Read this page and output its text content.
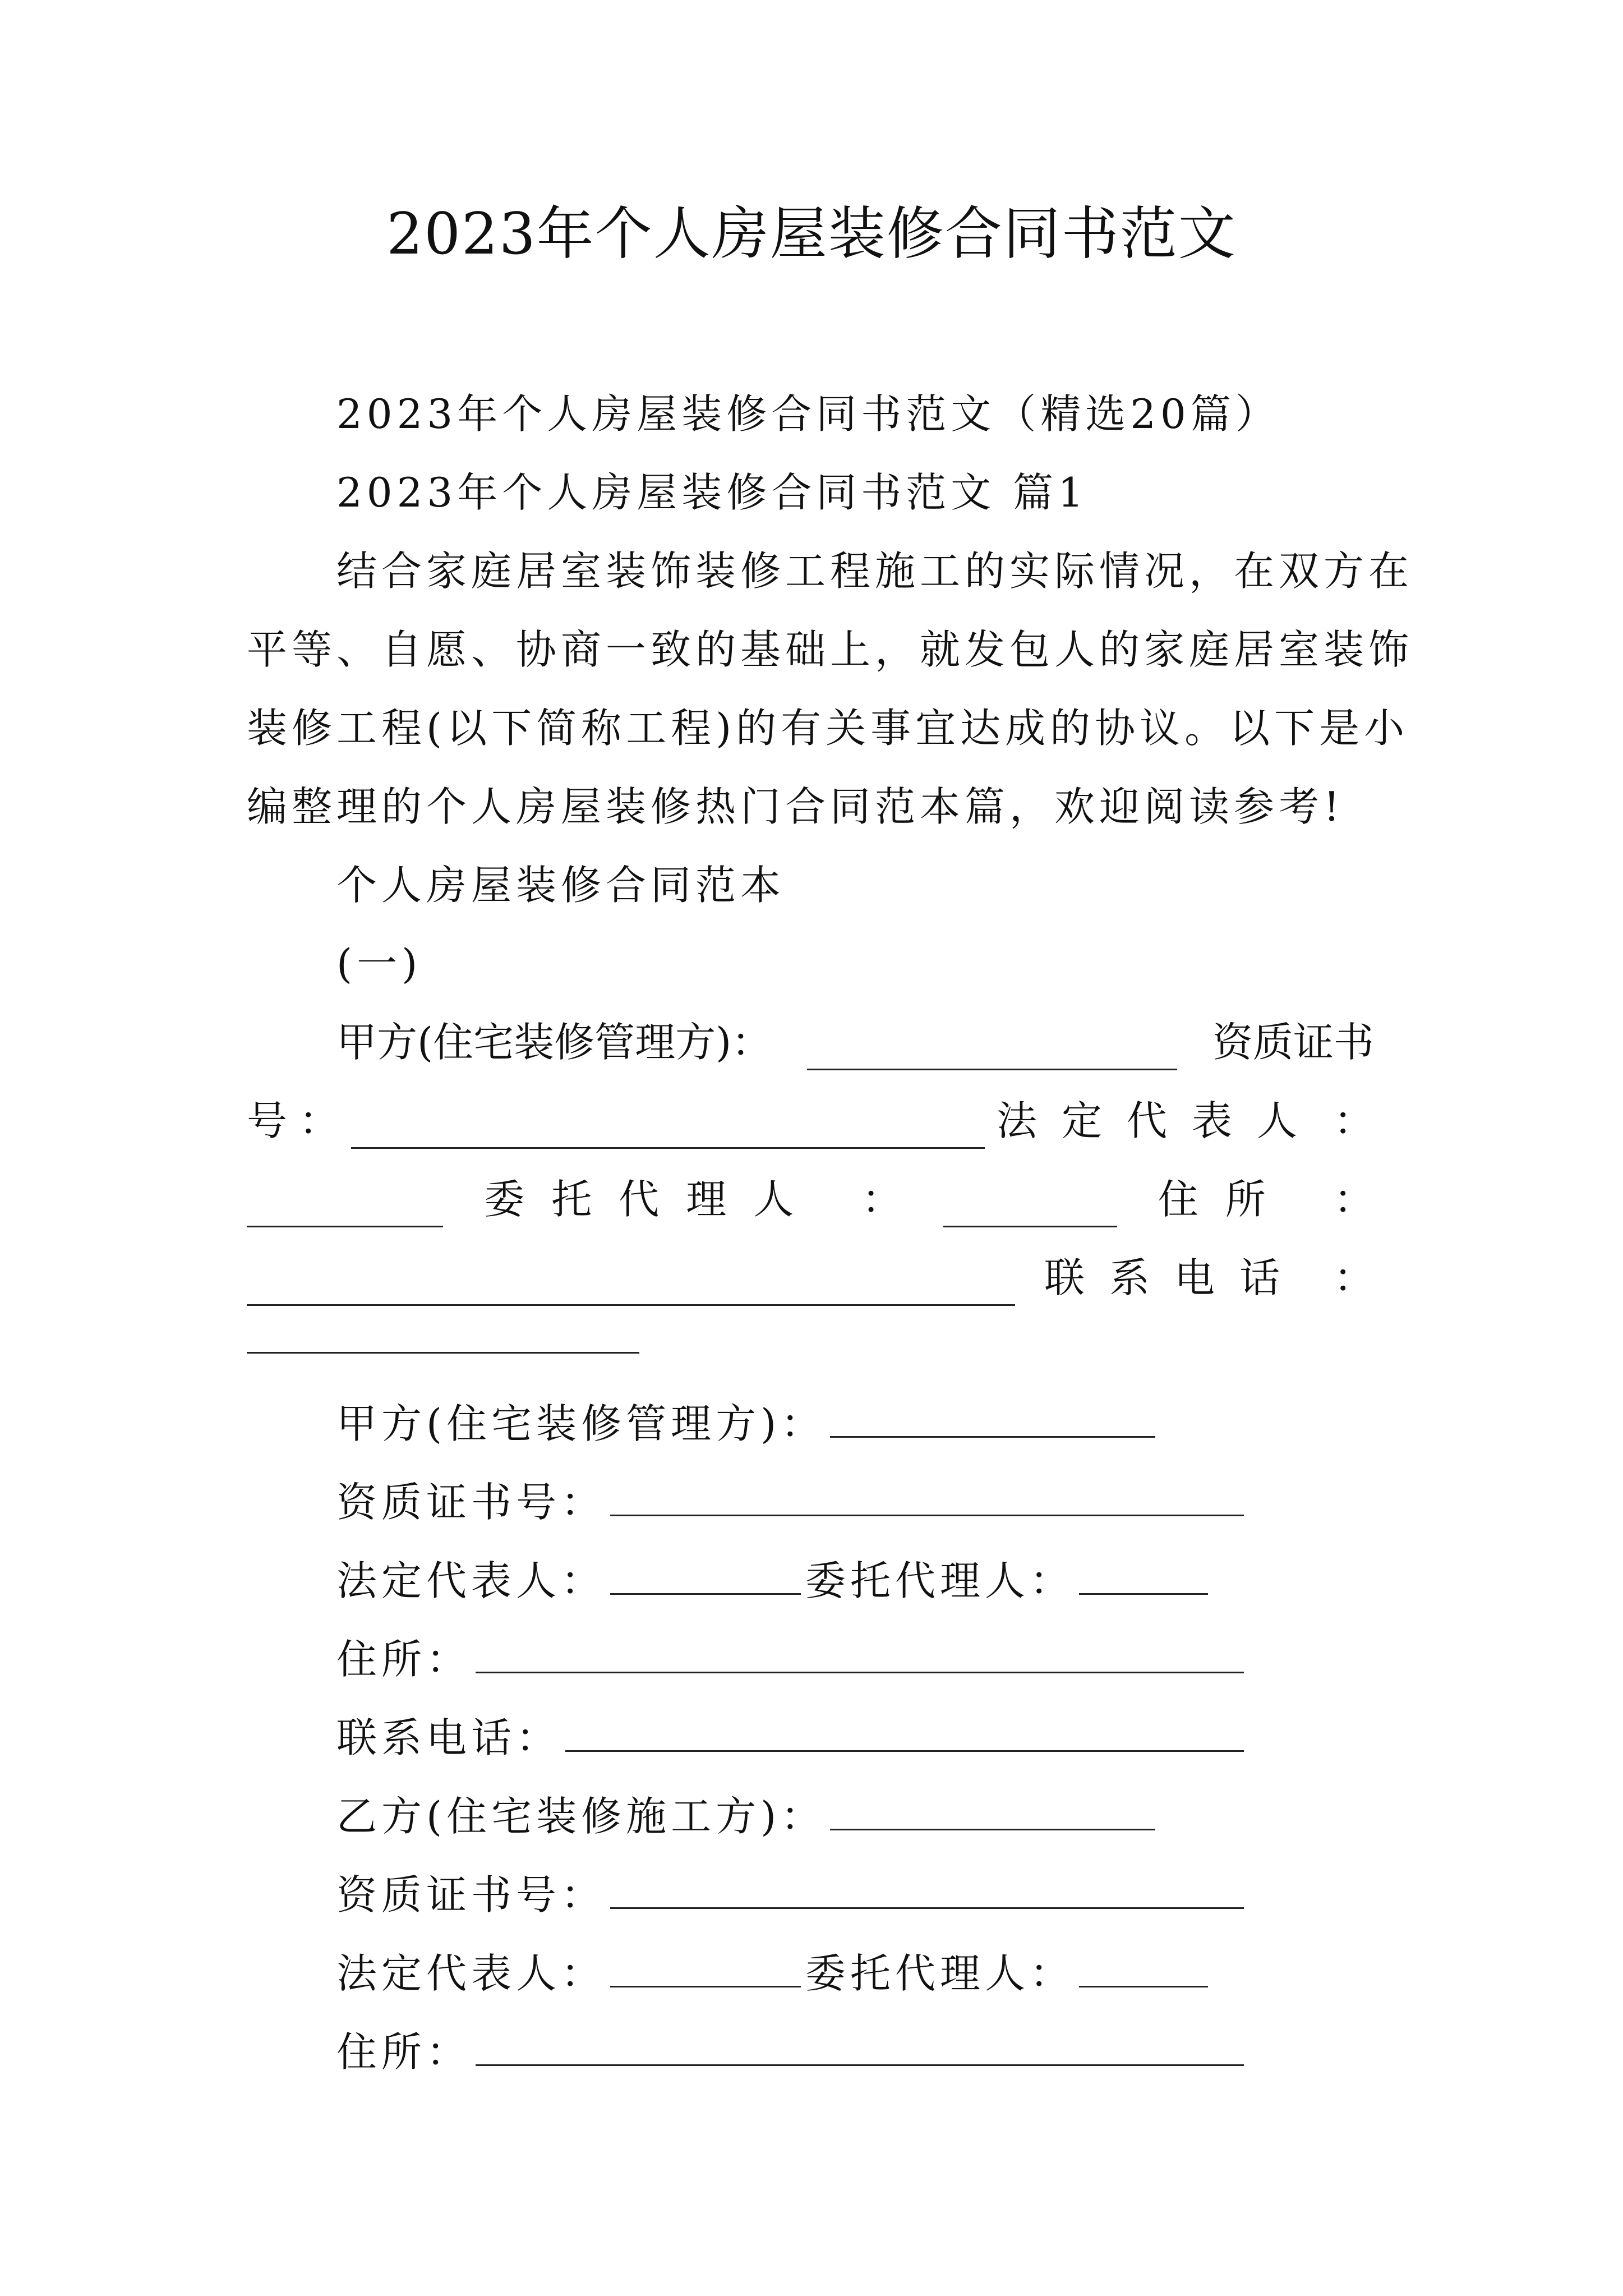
2023年个人房屋装修合同书范文
2023年个人房屋装修合同书范文（精选20篇）
2023年个人房屋装修合同书范文 篇1
结合家庭居室装饰装修工程施工的实际情况，在双方在
平等、自愿、协商一致的基础上，就发包人的家庭居室装饰
装修工程(以下简称工程)的有关事宜达成的协议。以下是小
编整理的个人房屋装修热门合同范本篇，欢迎阅读参考!
个人房屋装修合同范本
(一)
甲方(住宅装修管理方)：	资质证书
号 ：	法定代表人 ：
委托代理人 ：	住所 ：
联系电话 ：
甲方(住宅装修管理方)：
资质证书号：
法定代表人：	委托代理人：
住所：
联系电话：
乙方(住宅装修施工方)：
资质证书号：
法定代表人：	委托代理人：
住所：
